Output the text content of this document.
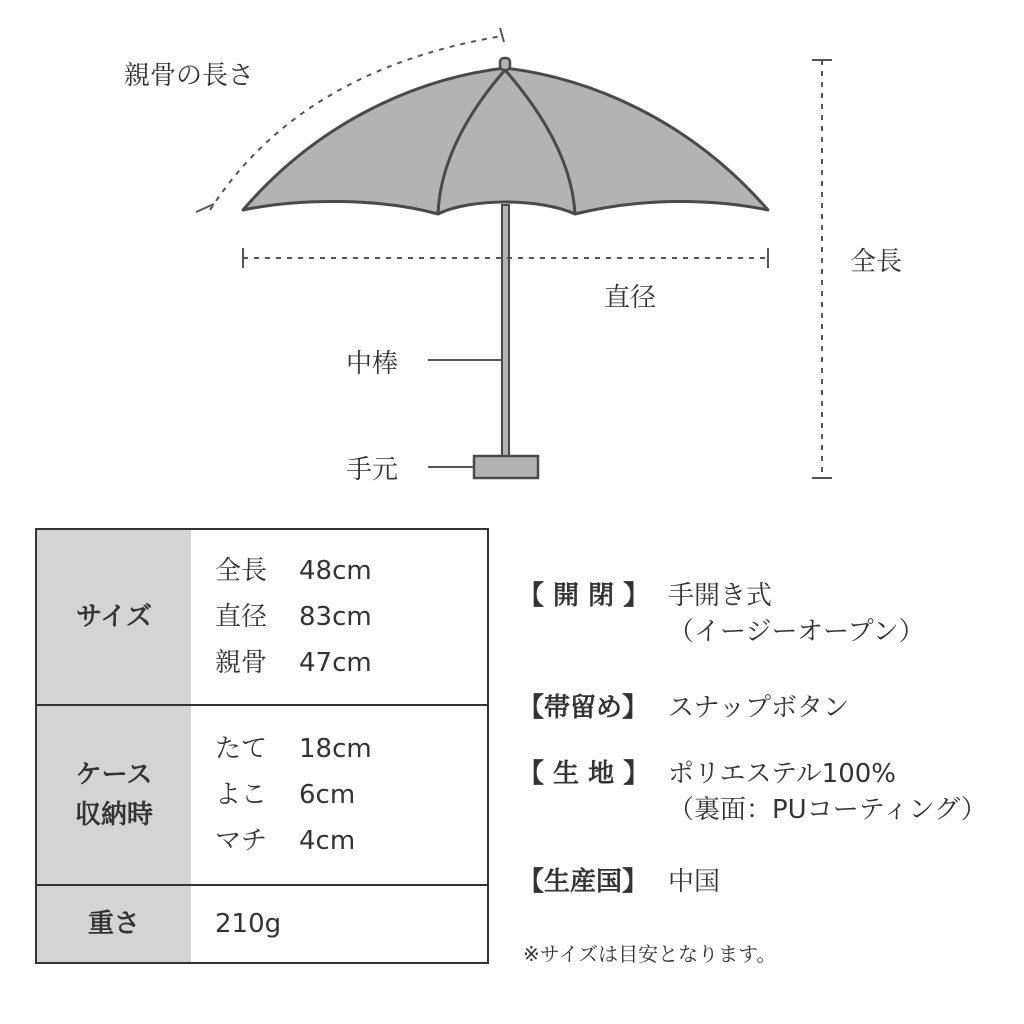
親骨の長さ
全長
直径
中棒
手元
サイズ
全長	48cm
直径	83cm
親骨	47cm
ケース
収納時
たて	18cm
よこ	6cm
マチ	4cm
重さ	210g
【 開 閉 】 手開き式
（イージーオープン）
【帯留め】 スナップボタン
【 生 地 】 ポリエステル100%
（裏面：PUコーティング）
【生産国】 中国
※サイズは目安となります。
